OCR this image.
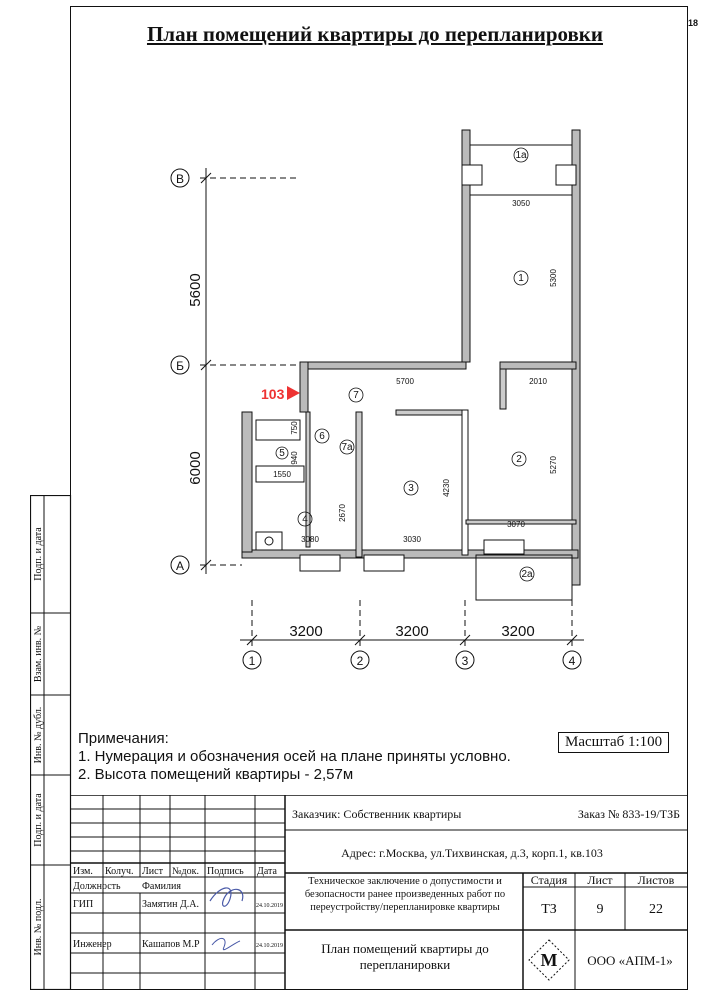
18
План помещений квартиры до перепланировки
В
Б
А
5600
6000
3200	3200	3200
1	2	3	4
103
1а
1
2
2а
3
4
5
6
7
7а
3050
5300
5700	2010
5270
3070
4230
3030
3080
2670
1550
750
940
Примечания:
1. Нумерация и обозначения осей на плане приняты условно.
2. Высота помещений квартиры - 2,57м
Масштаб 1:100
Подп. и дата
Взам. инв. №
Инв. № дубл.
Подп. и дата
Инв. № подл.
Заказчик: Собственник квартиры	Заказ № 833-19/ТЗБ
Адрес: г.Москва, ул.Тихвинская, д.3, корп.1, кв.103
Изм. Колуч. Лист №док. Подпись Дата
Должность Фамилия
ГИП	Замятин Д.А.
Инженер	Кашапов М.Р
24.10.2019
24.10.2019
Техническое заключение о допустимости и безопасности ранее произведенных работ по переустройству/перепланировке квартиры
План помещений квартиры до перепланировки
Стадия Лист Листов
ТЗ	9	22
М ООО «АПМ-1»
